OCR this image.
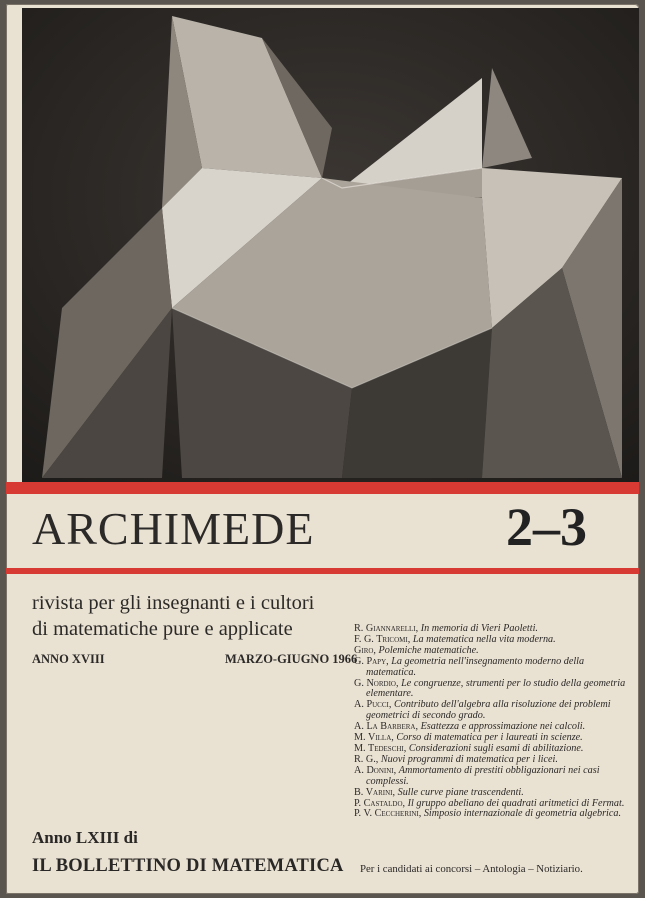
ARCHIMEDE	2–3
rivista per gli insegnanti e i cultori
di matematiche pure e applicate
ANNO XVIII	MARZO-GIUGNO 1966
R. Giannarelli, In memoria di Vieri Paoletti.
F. G. Tricomi, La matematica nella vita moderna.
Giro, Polemiche matematiche.
G. Papy, La geometria nell'insegnamento moderno della matematica.
G. Nordio, Le congruenze, strumenti per lo studio della geometria elementare.
A. Pucci, Contributo dell'algebra alla risoluzione dei problemi geometrici di secondo grado.
A. La Barbera, Esattezza e approssimazione nei calcoli.
M. Villa, Corso di matematica per i laureati in scienze.
M. Tedeschi, Considerazioni sugli esami di abilitazione.
R. G., Nuovi programmi di matematica per i licei.
A. Donini, Ammortamento di prestiti obbligazionari nei casi complessi.
B. Varini, Sulle curve piane trascendenti.
P. Castaldo, Il gruppo abeliano dei quadrati aritmetici di Fermat.
P. V. Ceccherini, Simposio internazionale di geometria algebrica.
Anno LXIII di
IL BOLLETTINO DI MATEMATICA Per i candidati ai concorsi – Antologia – Notiziario.
